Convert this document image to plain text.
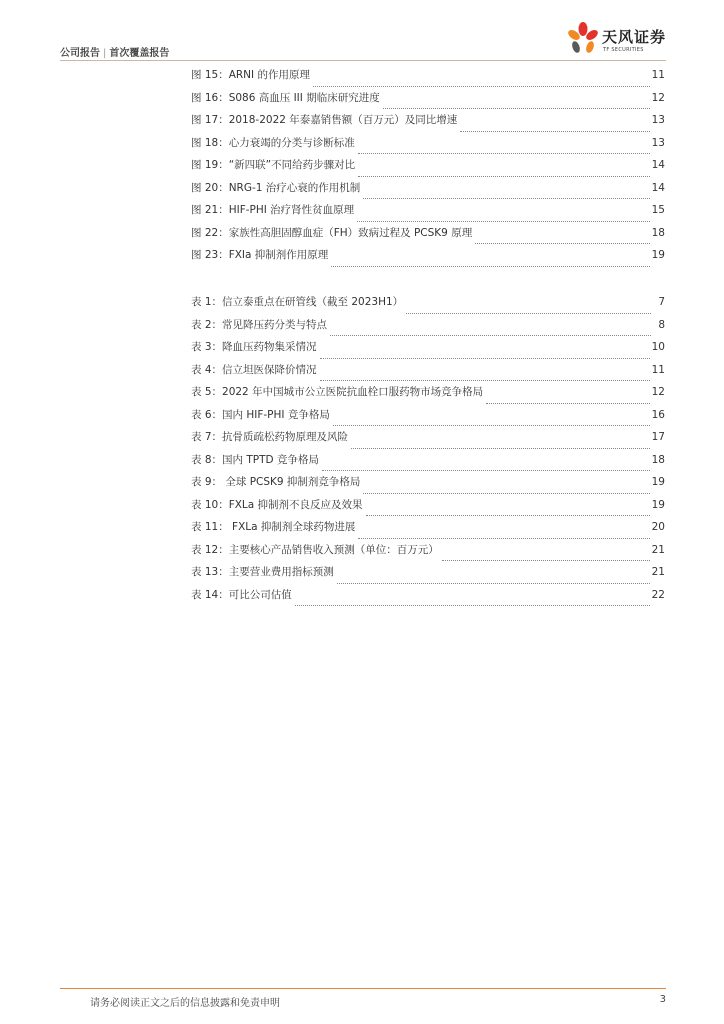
公司报告 | 首次覆盖报告
天风证券
TF SECURITIES
图 15：ARNI 的作用原理	11
图 16：S086 高血压 III 期临床研究进度	12
图 17：2018-2022 年泰嘉销售额（百万元）及同比增速	13
图 18：心力衰竭的分类与诊断标准	13
图 19：“新四联”不同给药步骤对比	14
图 20：NRG-1 治疗心衰的作用机制	14
图 21：HIF-PHI 治疗肾性贫血原理	15
图 22：家族性高胆固醇血症（FH）致病过程及 PCSK9 原理	18
图 23：FXIa 抑制剂作用原理	19
表 1：信立泰重点在研管线（截至 2023H1）	7
表 2：常见降压药分类与特点	8
表 3：降血压药物集采情况	10
表 4：信立坦医保降价情况	11
表 5：2022 年中国城市公立医院抗血栓口服药物市场竞争格局	12
表 6：国内 HIF-PHI 竞争格局	16
表 7：抗骨质疏松药物原理及风险	17
表 8：国内 TPTD 竞争格局	18
表 9： 全球 PCSK9 抑制剂竞争格局	19
表 10：FXLa 抑制剂不良反应及效果	19
表 11： FXLa 抑制剂全球药物进展	20
表 12：主要核心产品销售收入预测（单位：百万元）	21
表 13：主要营业费用指标预测	21
表 14：可比公司估值	22
请务必阅读正文之后的信息披露和免责申明	3
